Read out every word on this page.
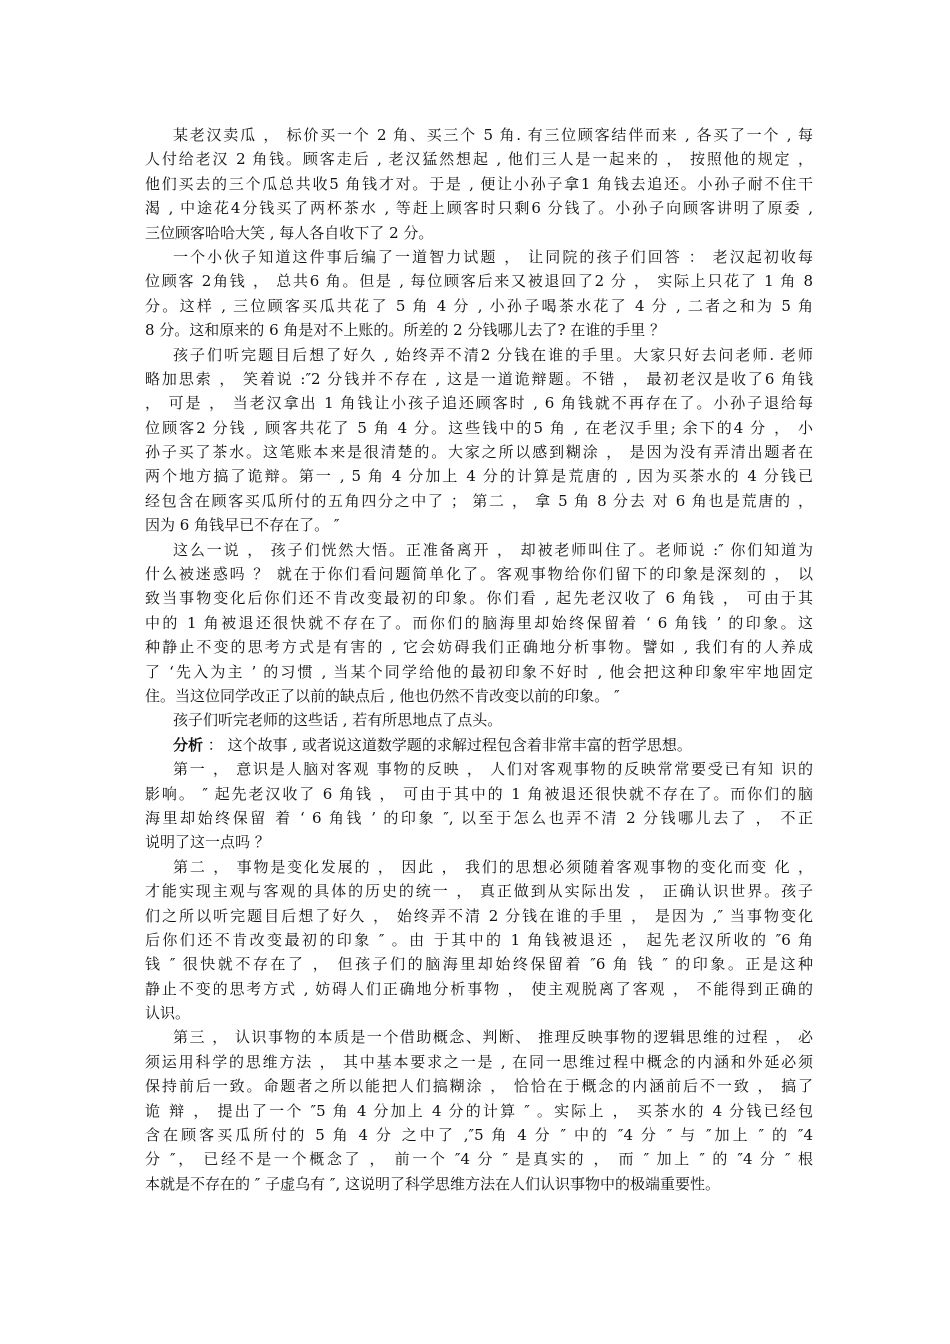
某老汉卖瓜 ， 标价买一个 2 角、买三个 5 角. 有三位顾客结伴而来 , 各买了一个 , 每
人付给老汉 2 角钱。顾客走后 , 老汉猛然想起 , 他们三人是一起来的 ， 按照他的规定 ，
他们买去的三个瓜总共收5 角钱才对。于是 , 便让小孙子拿1 角钱去追还。小孙子耐不住干
渴 , 中途花4分钱买了两杯茶水 , 等赶上顾客时只剩6 分钱了。小孙子向顾客讲明了原委 ,
三位顾客哈哈大笑 , 每人各自收下了 2 分。
一个小伙子知道这件事后编了一道智力试题 ， 让同院的孩子们回答 ： 老汉起初收每
位顾客 2角钱 ， 总共6 角。但是 , 每位顾客后来又被退回了2 分 ， 实际上只花了 1 角 8
分。这样 , 三位顾客买瓜共花了 5 角 4 分 , 小孙子喝茶水花了 4 分 , 二者之和为 5 角
8 分。这和原来的 6 角是对不上账的。所差的 2 分钱哪儿去了? 在谁的手里 ？
孩子们听完题目后想了好久 , 始终弄不清2 分钱在谁的手里。大家只好去问老师. 老师
略加思索 ， 笑着说 :″2 分钱并不存在 , 这是一道诡辩题。不错 ， 最初老汉是收了6 角钱
， 可是 ， 当老汉拿出 1 角钱让小孩子追还顾客时 , 6 角钱就不再存在了。小孙子退给每
位顾客2 分钱 , 顾客共花了 5 角 4 分。这些钱中的5 角 , 在老汉手里; 余下的4 分 ， 小
孙子买了茶水。这笔账本来是很清楚的。大家之所以感到糊涂 ， 是因为没有弄清出题者在
两个地方搞了诡辩。第一 , 5 角 4 分加上 4 分的计算是荒唐的 , 因为买茶水的 4 分钱已
经包含在顾客买瓜所付的五角四分之中了 ； 第二 ， 拿 5 角 8 分去 对 6 角也是荒唐的 ，
因为 6 角钱早已不存在了。 ″
这么一说 ， 孩子们恍然大悟。正准备离开 ， 却被老师叫住了。老师说 :″ 你们知道为
什么被迷惑吗 ？ 就在于你们看问题简单化了。客观事物给你们留下的印象是深刻的 ， 以
致当事物变化后你们还不肯改变最初的印象。你们看 , 起先老汉收了 6 角钱 ， 可由于其
中的 1 角被退还很快就不存在了。而你们的脑海里却始终保留着 ‘ 6 角钱 ’ 的印象。这
种静止不变的思考方式是有害的 , 它会妨碍我们正确地分析事物。譬如 , 我们有的人养成
了 ‘先入为主 ’ 的习惯 , 当某个同学给他的最初印象不好时 , 他会把这种印象牢牢地固定
住。当这位同学改正了以前的缺点后 , 他也仍然不肯改变以前的印象。 ″
孩子们听完老师的这些话 , 若有所思地点了点头。
分析 ： 这个故事 , 或者说这道数学题的求解过程包含着非常丰富的哲学思想。
第一 ， 意识是人脑对客观 事物的反映 ， 人们对客观事物的反映常常要受已有知 识的
影响。 ″ 起先老汉收了 6 角钱 ， 可由于其中的 1 角被退还很快就不存在了。而你们的脑
海里却始终保留 着 ‘ 6 角钱 ’ 的印象 ″, 以至于怎么也弄不清 2 分钱哪儿去了 ， 不正
说明了这一点吗 ？
第二 ， 事物是变化发展的 ， 因此 ， 我们的思想必须随着客观事物的变化而变 化 ，
才能实现主观与客观的具体的历史的统一 ， 真正做到从实际出发 ， 正确认识世界。孩子
们之所以听完题目后想了好久 ， 始终弄不清 2 分钱在谁的手里 ， 是因为 ,″ 当事物变化
后你们还不肯改变最初的印象 ″ 。由 于其中的 1 角钱被退还 ， 起先老汉所收的 ″6 角
钱 ″ 很快就不存在了 ， 但孩子们的脑海里却始终保留着 ″6 角 钱 ″ 的印象。正是这种
静止不变的思考方式 , 妨碍人们正确地分析事物 ， 使主观脱离了客观 ， 不能得到正确的
认识。
第三 ， 认识事物的本质是一个借助概念、判断、 推理反映事物的逻辑思维的过程 ， 必
须运用科学的思维方法 ， 其中基本要求之一是 , 在同一思维过程中概念的内涵和外延必须
保持前后一致。命题者之所以能把人们搞糊涂 ， 恰恰在于概念的内涵前后不一致 ， 搞了
诡 辩 ， 提出了一个 ″5 角 4 分加上 4 分的计算 ″ 。实际上 ， 买茶水的 4 分钱已经包
含在顾客买瓜所付的 5 角 4 分 之中了 ,″5 角 4 分 ″ 中的 ″4 分 ″ 与 ″加上 ″ 的 ″4
分 ″， 已经不是一个概念了 ， 前一个 ″4 分 ″ 是真实的 ， 而 ″ 加上 ″ 的 ″4 分 ″ 根
本就是不存在的 ″ 子虚乌有 ″, 这说明了科学思维方法在人们认识事物中的极端重要性。
